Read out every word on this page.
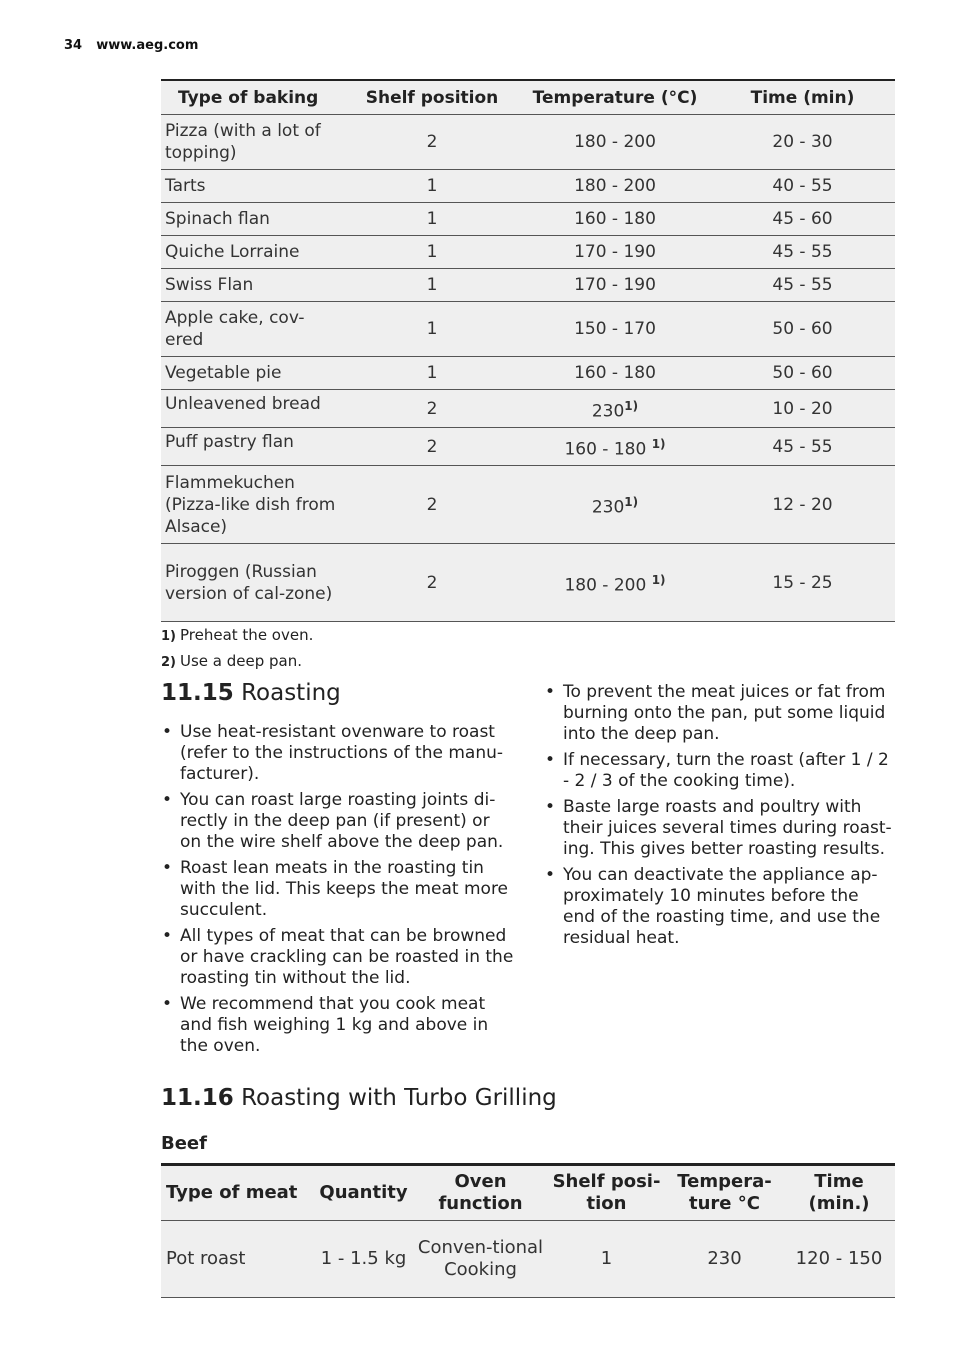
34 www.aeg.com
Type of baking	Shelf position	Temperature (°C)	Time (min)
Pizza (with a lot of topping)	2	180 - 200	20 - 30
Tarts	1	180 - 200	40 - 55
Spinach flan	1	160 - 180	45 - 60
Quiche Lorraine	1	170 - 190	45 - 55
Swiss Flan	1	170 - 190	45 - 55
Apple cake, cov-ered	1	150 - 170	50 - 60
Vegetable pie	1	160 - 180	50 - 60
Unleavened bread	2	230$^{1)}$	10 - 20
Puff pastry flan	2	160 - 180 $^{1)}$	45 - 55
Flammekuchen (Pizza-like dish from Alsace)	2	230$^{1)}$	12 - 20
Piroggen (Russian version of cal-zone)	2	180 - 200 $^{1)}$	15 - 25
1) Preheat the oven.
2) Use a deep pan.
11.15 Roasting
• Use heat-resistant ovenware to roast (refer to the instructions of the manu-facturer).
• You can roast large roasting joints di-rectly in the deep pan (if present) or on the wire shelf above the deep pan.
• Roast lean meats in the roasting tin with the lid. This keeps the meat more succulent.
• All types of meat that can be browned or have crackling can be roasted in the roasting tin without the lid.
• We recommend that you cook meat and fish weighing 1 kg and above in the oven.
• To prevent the meat juices or fat from burning onto the pan, put some liquid into the deep pan.
• If necessary, turn the roast (after 1 / 2 - 2 / 3 of the cooking time).
• Baste large roasts and poultry with their juices several times during roast-ing. This gives better roasting results.
• You can deactivate the appliance ap-proximately 10 minutes before the end of the roasting time, and use the residual heat.
11.16 Roasting with Turbo Grilling
Beef
Type of meat	Quantity	Oven function	Shelf posi-tion	Tempera-ture °C	Time (min.)
Pot roast	1 - 1.5 kg	Conven-tional Cooking	1	230	120 - 150
